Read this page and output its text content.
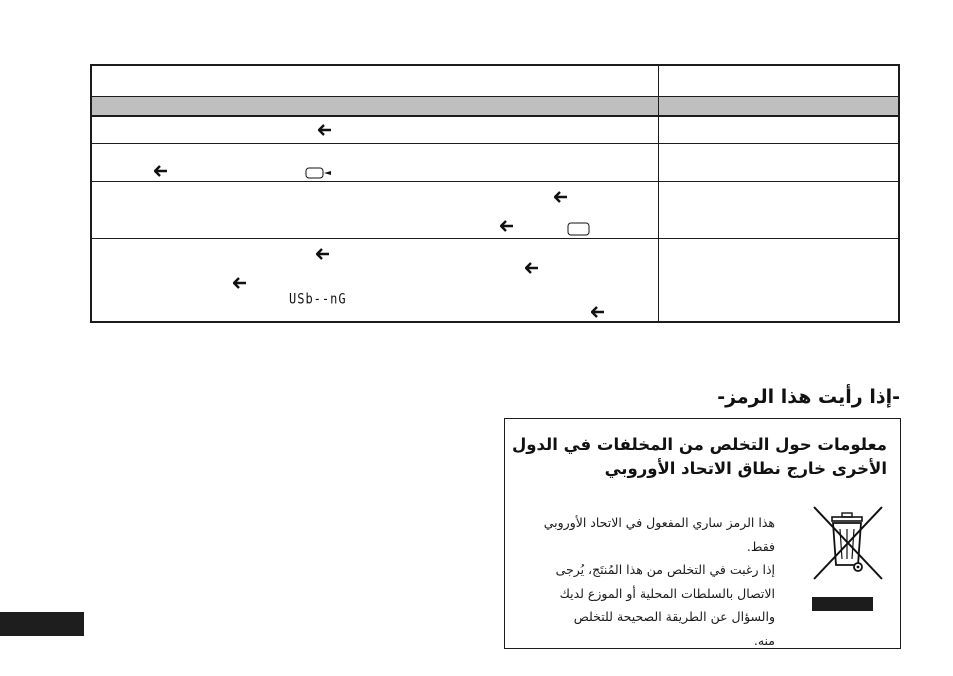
USb--nG
-إذا رأيت هذا الرمز-
معلومات حول التخلص من المخلفات في الدول
الأخرى خارج نطاق الاتحاد الأوروبي
هذا الرمز ساري المفعول في الاتحاد الأوروبي
فقط.
إذا رغبت في التخلص من هذا المُنتَج، يُرجى
الاتصال بالسلطات المحلية أو الموزع لديك
والسؤال عن الطريقة الصحيحة للتخلص
منه.
